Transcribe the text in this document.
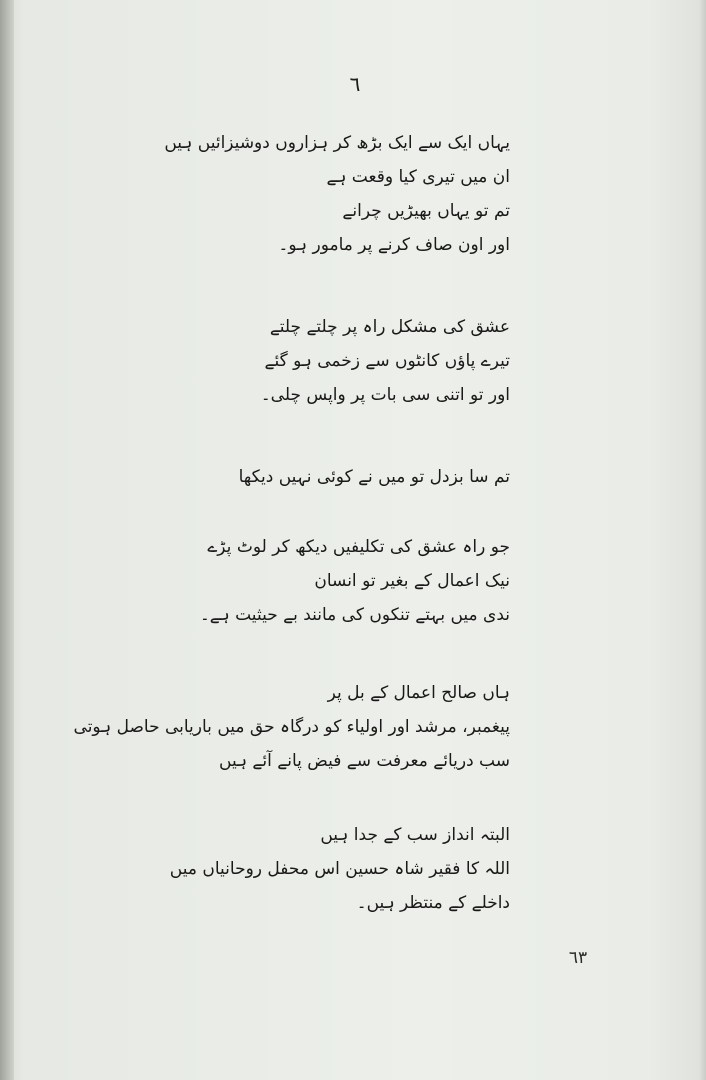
٦
یہاں ایک سے ایک بڑھ کر ہزاروں دوشیزائیں ہیں
ان میں تیری کیا وقعت ہے
تم تو یہاں بھیڑیں چرانے
اور اون صاف کرنے پر مامور ہو۔
عشق کی مشکل راہ پر چلتے چلتے
تیرے پاؤں کانٹوں سے زخمی ہو گئے
اور تو اتنی سی بات پر واپس چلی۔
تم سا بزدل تو میں نے کوئی نہیں دیکھا
جو راہ عشق کی تکلیفیں دیکھ کر لوٹ پڑے
نیک اعمال کے بغیر تو انسان
ندی میں بہتے تنکوں کی مانند بے حیثیت ہے۔
ہاں صالح اعمال کے بل پر
پیغمبر، مرشد اور اولیاء کو درگاہ حق میں باریابی حاصل ہوتی
سب دریائے معرفت سے فیض پانے آئے ہیں
البتہ انداز سب کے جدا ہیں
اللہ کا فقیر شاہ حسین اس محفل روحانیاں میں
داخلے کے منتظر ہیں۔
٦٣
